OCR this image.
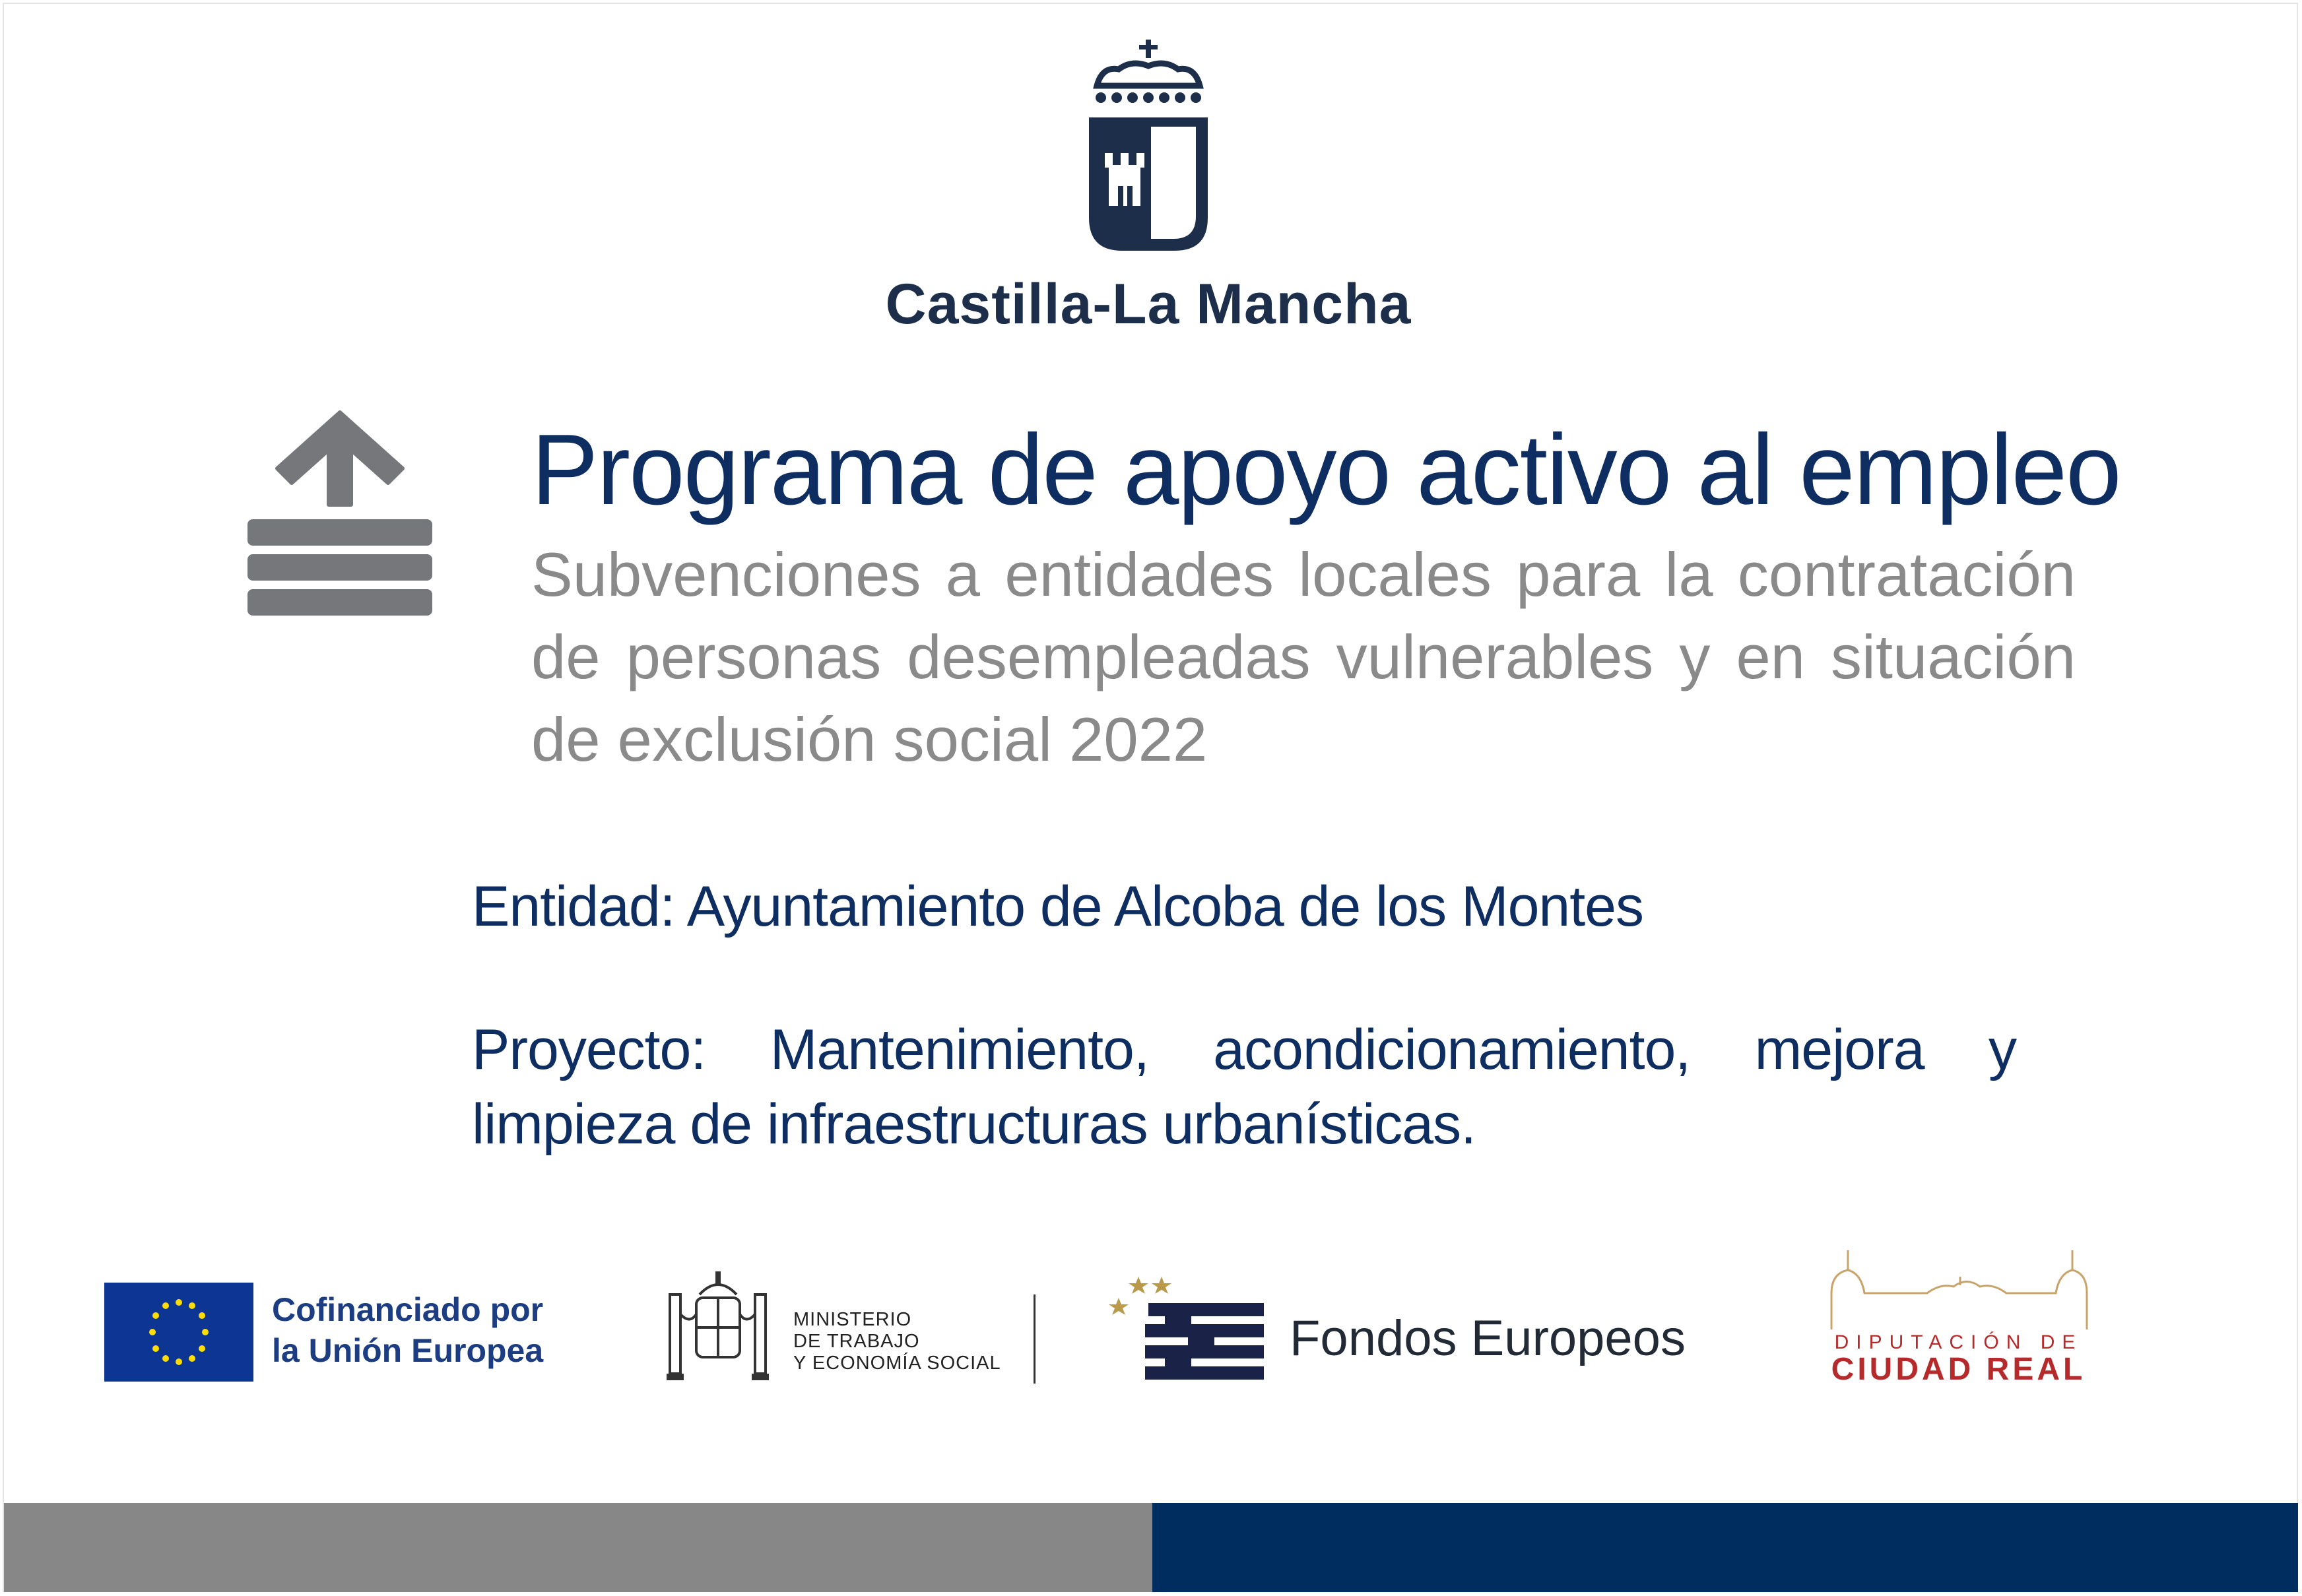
Castilla-La Mancha
Programa de apoyo activo al empleo
Subvenciones a entidades locales para la contratación de personas desempleadas vulnerables y en situación de exclusión social 2022
Entidad: Ayuntamiento de Alcoba de los Montes
Proyecto: Mantenimiento, acondicionamiento, mejora y limpieza de infraestructuras urbanísticas.
Cofinanciado por
la Unión Europea
MINISTERIO
DE TRABAJO
Y ECONOMÍA SOCIAL	Fondos Europeos	DIPUTACIÓN DE
CIUDAD REAL
